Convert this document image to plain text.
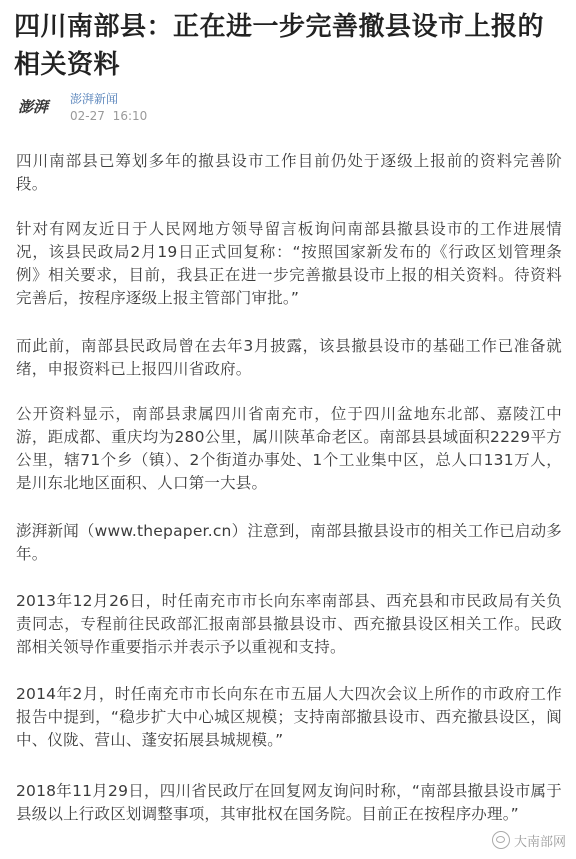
四川南部县：正在进一步完善撤县设市上报的相关资料
澎湃	澎湃新闻
02-27 16:10

四川南部县已筹划多年的撤县设市工作目前仍处于逐级上报前的资料完善阶段。

针对有网友近日于人民网地方领导留言板询问南部县撤县设市的工作进展情况，该县民政局2月19日正式回复称：“按照国家新发布的《行政区划管理条例》相关要求，目前，我县正在进一步完善撤县设市上报的相关资料。待资料完善后，按程序逐级上报主管部门审批。”

而此前，南部县民政局曾在去年3月披露，该县撤县设市的基础工作已准备就绪，申报资料已上报四川省政府。

公开资料显示，南部县隶属四川省南充市，位于四川盆地东北部、嘉陵江中游，距成都、重庆均为280公里，属川陕革命老区。南部县县域面积2229平方公里，辖71个乡（镇）、2个街道办事处、1个工业集中区，总人口131万人，是川东北地区面积、人口第一大县。

澎湃新闻（www.thepaper.cn）注意到，南部县撤县设市的相关工作已启动多年。

2013年12月26日，时任南充市市长向东率南部县、西充县和市民政局有关负责同志，专程前往民政部汇报南部县撤县设市、西充撤县设区相关工作。民政部相关领导作重要指示并表示予以重视和支持。

2014年2月，时任南充市市长向东在市五届人大四次会议上所作的市政府工作报告中提到，“稳步扩大中心城区规模；支持南部撤县设市、西充撤县设区，阆中、仪陇、营山、蓬安拓展县城规模。”

2018年11月29日，四川省民政厅在回复网友询问时称，“南部县撤县设市属于县级以上行政区划调整事项，其审批权在国务院。目前正在按程序办理。”

大南部网
